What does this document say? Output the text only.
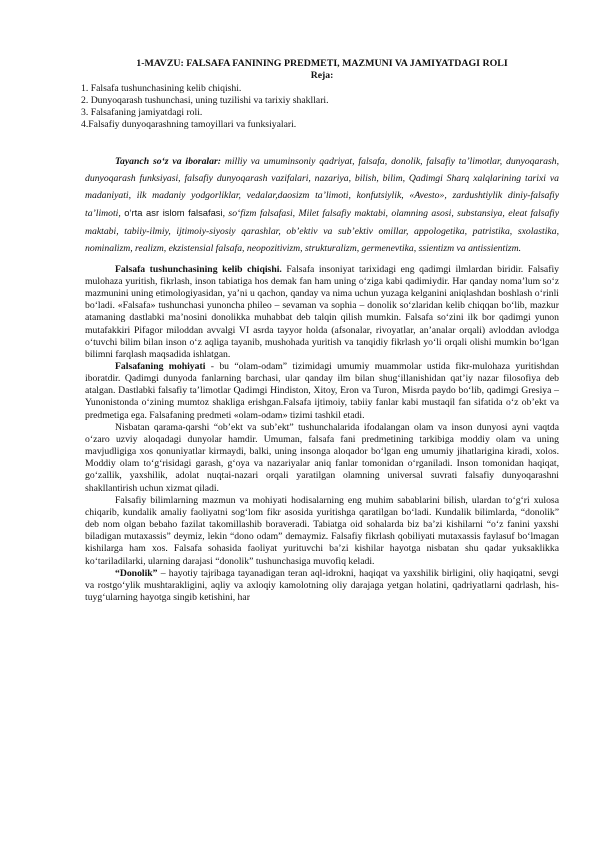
1-MAVZU: FALSAFA FANINING PREDMETI, MAZMUNI VA JAMIYATDAGI ROLI
Reja:
1. Falsafa tushunchasining kelib chiqishi.
2. Dunyoqarash tushunchasi, uning tuzilishi va tarixiy shakllari.
3. Falsafaning jamiyatdagi roli.
4.Falsafiy dunyoqarashning tamoyillari va funksiyalari.

Tayanch so‘z va iboralar: milliy va umuminsoniy qadriyat, falsafa, donolik, falsafiy ta’limotlar, dunyoqarash, dunyoqarash funksiyasi, falsafiy dunyoqarash vazifalari, nazariya, bilish, bilim, Qadimgi Sharq xalqlarining tarixi va madaniyati, ilk madaniy yodgorliklar, vedalar,daosizm ta’limoti, konfutsiylik, «Avesto», zardushtiylik diniy-falsafiy ta’limoti, o‘rta asr islom falsafasi, so‘fizm falsafasi, Milet falsafiy maktabi, olamning asosi, substansiya, eleat falsafiy maktabi, tabiiy-ilmiy, ijtimoiy-siyosiy qarashlar, ob’ektiv va sub’ektiv omillar, appologetika, patristika, sxolastika, nominalizm, realizm, ekzistensial falsafa, neopozitivizm, strukturalizm, germenevtika, ssientizm va antissientizm.

Falsafa tushunchasining kelib chiqishi. Falsafa insoniyat tarixidagi eng qadimgi ilmlardan biridir. Falsafiy mulohaza yuritish, fikrlash, inson tabiatiga hos demak fan ham uning o‘ziga kabi qadimiydir. Har qanday noma’lum so‘z mazmunini uning etimologiyasidan, ya’ni u qachon, qanday va nima uchun yuzaga kelganini aniqlashdan boshlash o‘rinli bo‘ladi. «Falsafa» tushunchasi yunoncha phileo – sevaman va sophia – donolik so‘zlaridan kelib chiqqan bo‘lib, mazkur atamaning dastlabki ma’nosini donolikka muhabbat deb talqin qilish mumkin. Falsafa so‘zini ilk bor qadimgi yunon mutafakkiri Pifagor miloddan avvalgi VI asrda tayyor holda (afsonalar, rivoyatlar, an’analar orqali) avloddan avlodga o‘tuvchi bilim bilan inson o‘z aqliga tayanib, mushohada yuritish va tanqidiy fikrlash yo‘li orqali olishi mumkin bo‘lgan bilimni farqlash maqsadida ishlatgan.

Falsafaning mohiyati - bu “olam-odam” tizimidagi umumiy muammolar ustida fikr-mulohaza yuritishdan iboratdir. Qadimgi dunyoda fanlarning barchasi, ular qanday ilm bilan shug‘illanishidan qat’iy nazar filosofiya deb atalgan. Dastlabki falsafiy ta’limotlar Qadimgi Hindiston, Xitoy, Eron va Turon, Misrda paydo bo‘lib, qadimgi Gresiya – Yunonistonda o‘zining mumtoz shakliga erishgan.Falsafa ijtimoiy, tabiiy fanlar kabi mustaqil fan sifatida o‘z ob’ekt va predmetiga ega. Falsafaning predmeti «olam-odam» tizimi tashkil etadi.

Nisbatan qarama-qarshi “ob’ekt va sub’ekt” tushunchalarida ifodalangan olam va inson dunyosi ayni vaqtda o‘zaro uzviy aloqadagi dunyolar hamdir. Umuman, falsafa fani predmetining tarkibiga moddiy olam va uning mavjudligiga xos qonuniyatlar kirmaydi, balki, uning insonga aloqador bo‘lgan eng umumiy jihatlarigina kiradi, xolos. Moddiy olam to‘g‘risidagi garash, g‘oya va nazariyalar aniq fanlar tomonidan o‘rganiladi. Inson tomonidan haqiqat, go‘zallik, yaxshilik, adolat nuqtai-nazari orqali yaratilgan olamning universal suvrati falsafiy dunyoqarashni shakllantirish uchun xizmat qiladi.

Falsafiy bilimlarning mazmun va mohiyati hodisalarning eng muhim sabablarini bilish, ulardan to‘g‘ri xulosa chiqarib, kundalik amaliy faoliyatni sog‘lom fikr asosida yuritishga qaratilgan bo‘ladi. Kundalik bilimlarda, “donolik” deb nom olgan bebaho fazilat takomillashib boraveradi. Tabiatga oid sohalarda biz ba’zi kishilarni “o‘z fanini yaxshi biladigan mutaxassis” deymiz, lekin “dono odam” demaymiz. Falsafiy fikrlash qobiliyati mutaxassis faylasuf bo‘lmagan kishilarga ham xos. Falsafa sohasida faoliyat yurituvchi ba’zi kishilar hayotga nisbatan shu qadar yuksaklikka ko‘tariladilarki, ularning darajasi “donolik” tushunchasiga muvofiq keladi.

“Donolik” – hayotiy tajribaga tayanadigan teran aql-idrokni, haqiqat va yaxshilik birligini, oliy haqiqatni, sevgi va rostgo‘ylik mushtarakligini, aqliy va axloqiy kamolotning oliy darajaga yetgan holatini, qadriyatlarni qadrlash, his-tuyg‘ularning hayotga singib ketishini, har
